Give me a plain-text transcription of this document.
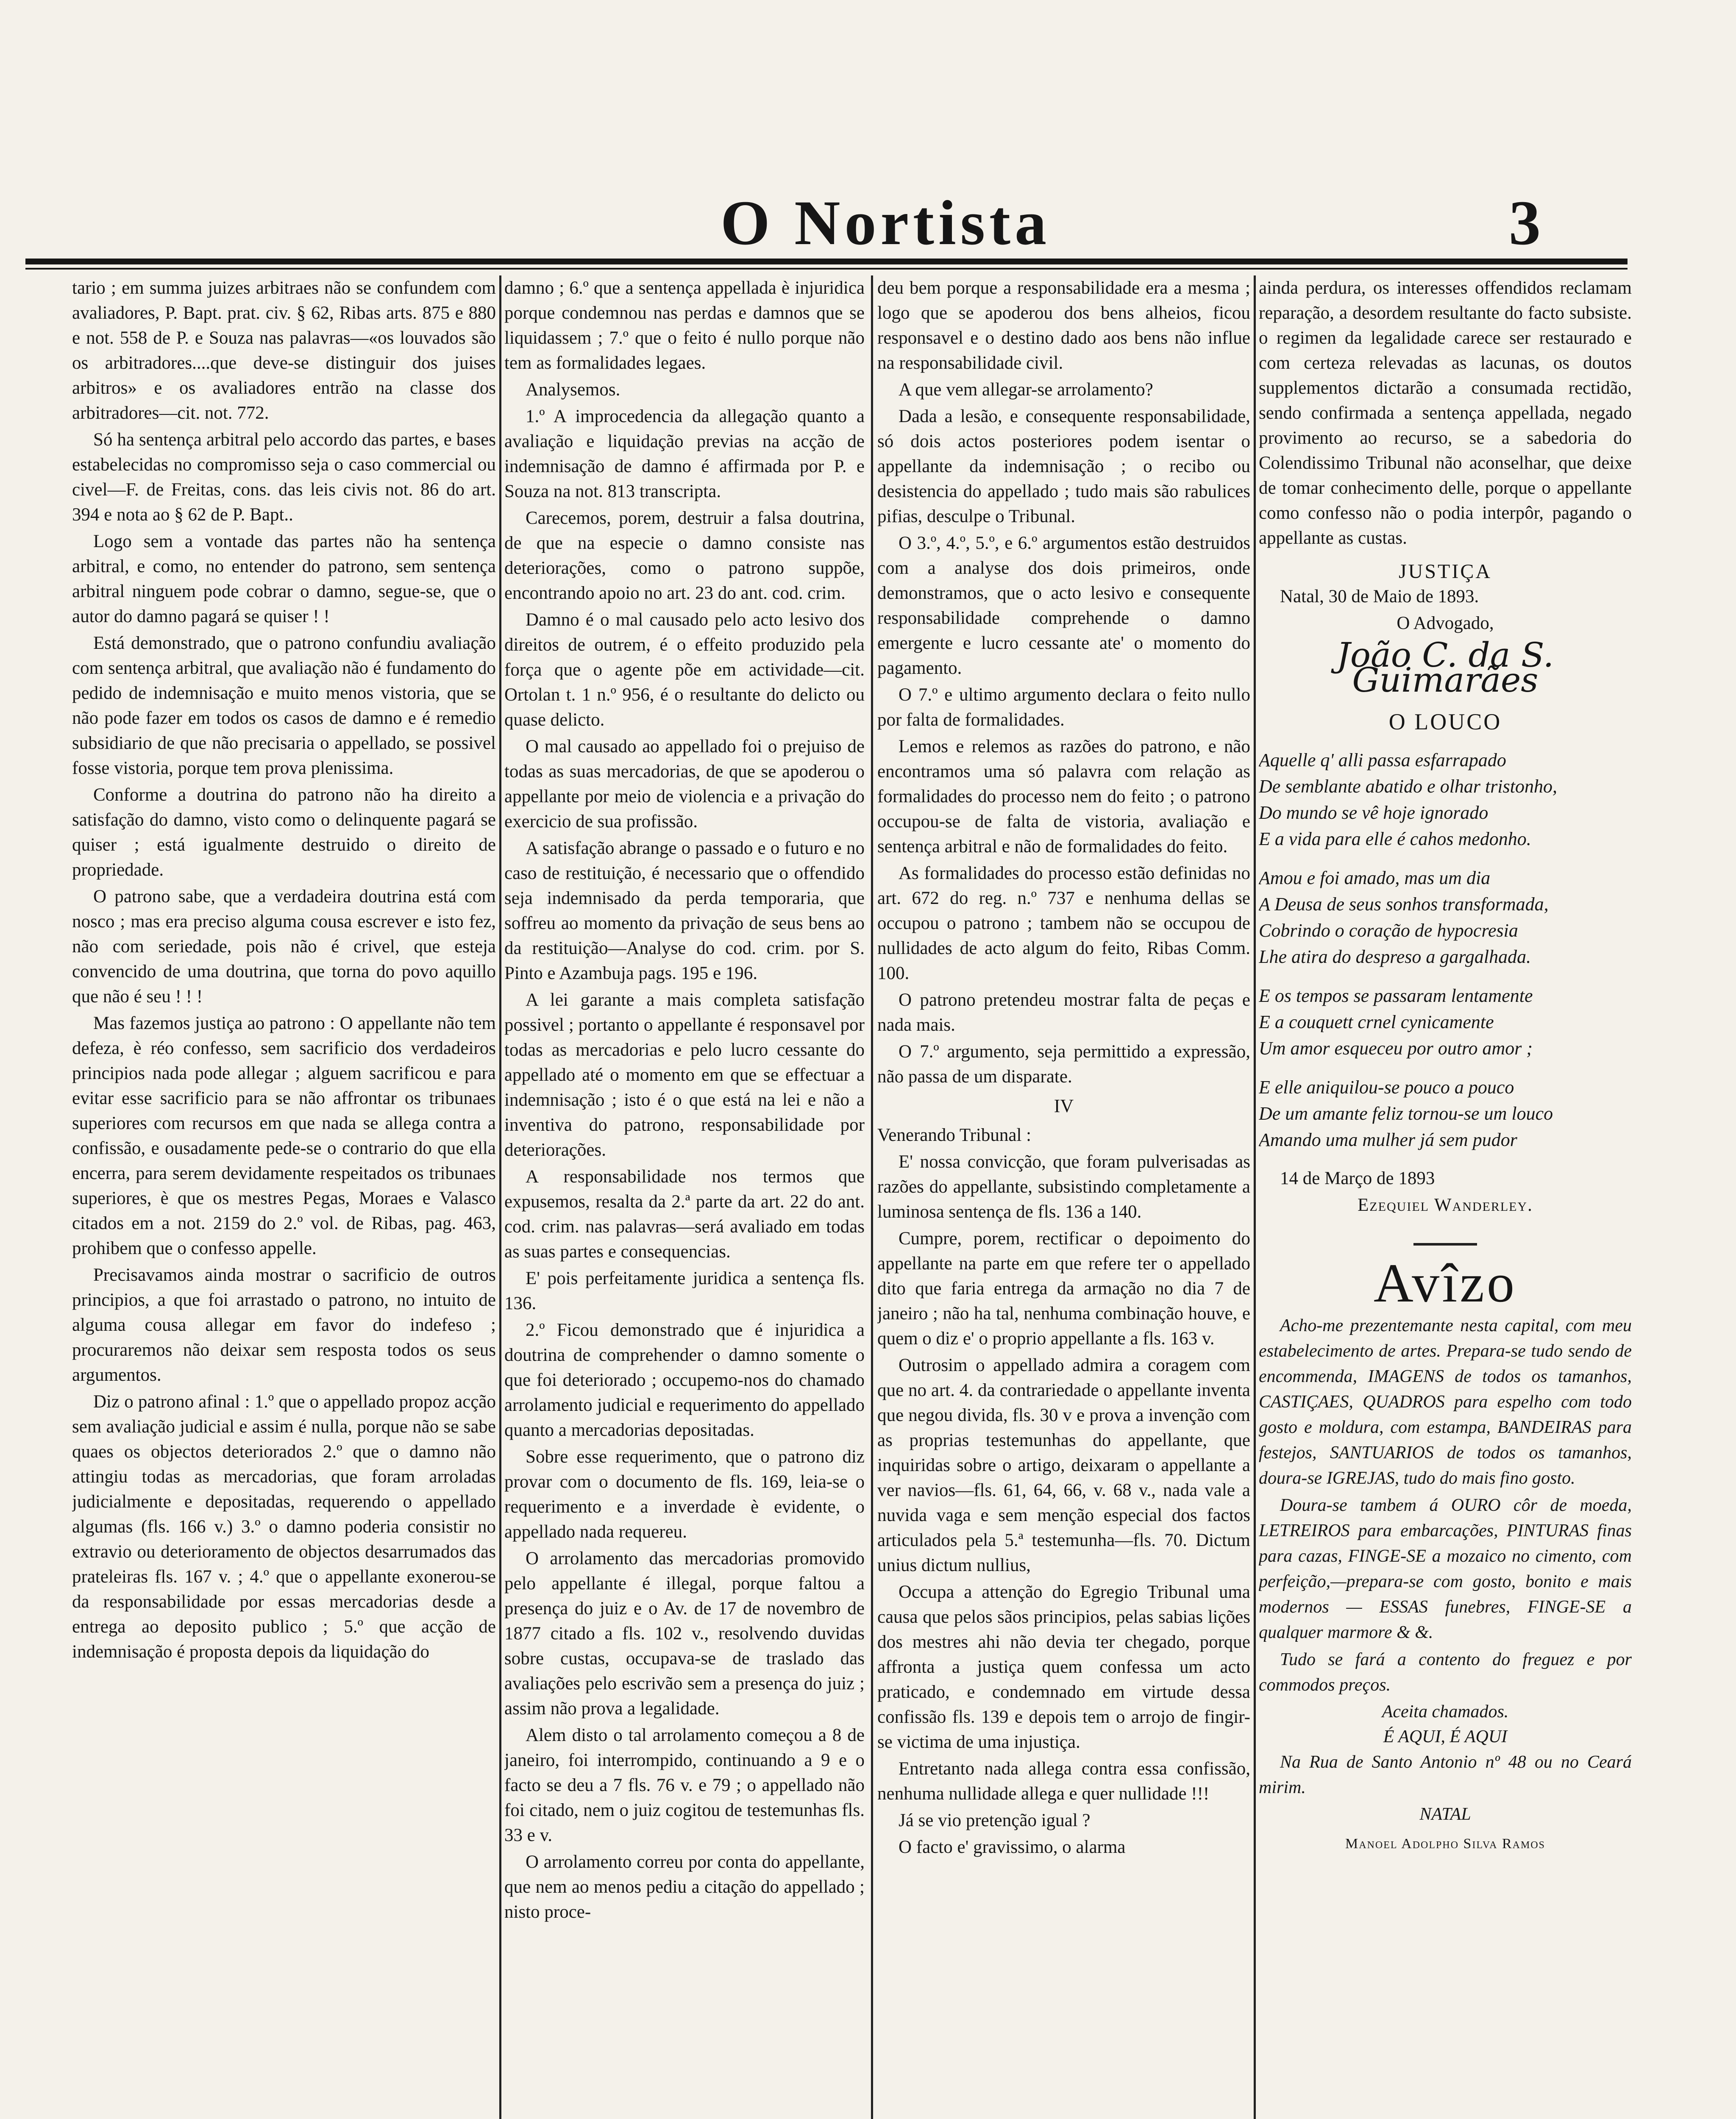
O Nortista	3

tario ; em summa juizes arbitraes não se confundem com avaliadores, P. Bapt. prat. civ. § 62, Ribas arts. 875 e 880 e not. 558 de P. e Souza nas palavras—«os louvados são os arbitradores....que deve-se distinguir dos juises arbitros» e os avaliadores entrão na classe dos arbitradores—cit. not. 772.

Só ha sentença arbitral pelo accordo das partes, e bases estabelecidas no compromisso seja o caso commercial ou civel—F. de Freitas, cons. das leis civis not. 86 do art. 394 e nota ao § 62 de P. Bapt..

Logo sem a vontade das partes não ha sentença arbitral, e como, no entender do patrono, sem sentença arbitral ninguem pode cobrar o damno, segue-se, que o autor do damno pagará se quiser ! !

Está demonstrado, que o patrono confundiu avaliação com sentença arbitral, que avaliação não é fundamento do pedido de indemnisação e muito menos vistoria, que se não pode fazer em todos os casos de damno e é remedio subsidiario de que não precisaria o appellado, se possivel fosse vistoria, porque tem prova plenissima.

Conforme a doutrina do patrono não ha direito a satisfação do damno, visto como o delinquente pagará se quiser ; está igualmente destruido o direito de propriedade.

O patrono sabe, que a verdadeira doutrina está com nosco ; mas era preciso alguma cousa escrever e isto fez, não com seriedade, pois não é crivel, que esteja convencido de uma doutrina, que torna do povo aquillo que não é seu ! ! !

Mas fazemos justiça ao patrono : O appellante não tem defeza, è réo confesso, sem sacrificio dos verdadeiros principios nada pode allegar ; alguem sacrificou e para evitar esse sacrificio para se não affrontar os tribunaes superiores com recursos em que nada se allega contra a confissão, e ousadamente pede-se o contrario do que ella encerra, para serem devidamente respeitados os tribunaes superiores, è que os mestres Pegas, Moraes e Valasco citados em a not. 2159 do 2.º vol. de Ribas, pag. 463, prohibem que o confesso appelle.

Precisavamos ainda mostrar o sacrificio de outros principios, a que foi arrastado o patrono, no intuito de alguma cousa allegar em favor do indefeso ; procuraremos não deixar sem resposta todos os seus argumentos.

Diz o patrono afinal : 1.º que o appellado propoz acção sem avaliação judicial e assim é nulla, porque não se sabe quaes os objectos deteriorados 2.º que o damno não attingiu todas as mercadorias, que foram arroladas judicialmente e depositadas, requerendo o appellado algumas (fls. 166 v.) 3.º o damno poderia consistir no extravio ou deterioramento de objectos desarrumados das prateleiras fls. 167 v. ; 4.º que o appellante exonerou-se da responsabilidade por essas mercadorias desde a entrega ao deposito publico ; 5.º que acção de indemnisação é proposta depois da liquidação do

damno ; 6.º que a sentença appellada è injuridica porque condemnou nas perdas e damnos que se liquidassem ; 7.º que o feito é nullo porque não tem as formalidades legaes.

Analysemos.

1.º A improcedencia da allegação quanto a avaliação e liquidação previas na acção de indemnisação de damno é affirmada por P. e Souza na not. 813 transcripta.

Carecemos, porem, destruir a falsa doutrina, de que na especie o damno consiste nas deteriorações, como o patrono suppõe, encontrando apoio no art. 23 do ant. cod. crim.

Damno é o mal causado pelo acto lesivo dos direitos de outrem, é o effeito produzido pela força que o agente põe em actividade—cit. Ortolan t. 1 n.º 956, é o resultante do delicto ou quase delicto.

O mal causado ao appellado foi o prejuiso de todas as suas mercadorias, de que se apoderou o appellante por meio de violencia e a privação do exercicio de sua profissão.

A satisfação abrange o passado e o futuro e no caso de restituição, é necessario que o offendido seja indemnisado da perda temporaria, que soffreu ao momento da privação de seus bens ao da restituição—Analyse do cod. crim. por S. Pinto e Azambuja pags. 195 e 196.

A lei garante a mais completa satisfação possivel ; portanto o appellante é responsavel por todas as mercadorias e pelo lucro cessante do appellado até o momento em que se effectuar a indemnisação ; isto é o que está na lei e não a inventiva do patrono, responsabilidade por deteriorações.

A responsabilidade nos termos que expusemos, resalta da 2.ª parte da art. 22 do ant. cod. crim. nas palavras—será avaliado em todas as suas partes e consequencias.

E' pois perfeitamente juridica a sentença fls. 136.

2.º Ficou demonstrado que é injuridica a doutrina de comprehender o damno somente o que foi deteriorado ; occupemo-nos do chamado arrolamento judicial e requerimento do appellado quanto a mercadorias depositadas.

Sobre esse requerimento, que o patrono diz provar com o documento de fls. 169, leia-se o requerimento e a inverdade è evidente, o appellado nada requereu.

O arrolamento das mercadorias promovido pelo appellante é illegal, porque faltou a presença do juiz e o Av. de 17 de novembro de 1877 citado a fls. 102 v., resolvendo duvidas sobre custas, occupava-se de traslado das avaliações pelo escrivão sem a presença do juiz ; assim não prova a legalidade.

Alem disto o tal arrolamento começou a 8 de janeiro, foi interrompido, continuando a 9 e o facto se deu a 7 fls. 76 v. e 79 ; o appellado não foi citado, nem o juiz cogitou de testemunhas fls. 33 e v.

O arrolamento correu por conta do appellante, que nem ao menos pediu a citação do appellado ; nisto proce-

deu bem porque a responsabilidade era a mesma ; logo que se apoderou dos bens alheios, ficou responsavel e o destino dado aos bens não influe na responsabilidade civil.

A que vem allegar-se arrolamento?

Dada a lesão, e consequente responsabilidade, só dois actos posteriores podem isentar o appellante da indemnisação ; o recibo ou desistencia do appellado ; tudo mais são rabulices pifias, desculpe o Tribunal.

O 3.º, 4.º, 5.º, e 6.º argumentos estão destruidos com a analyse dos dois primeiros, onde demonstramos, que o acto lesivo e consequente responsabilidade comprehende o damno emergente e lucro cessante ate' o momento do pagamento.

O 7.º e ultimo argumento declara o feito nullo por falta de formalidades.

Lemos e relemos as razões do patrono, e não encontramos uma só palavra com relação as formalidades do processo nem do feito ; o patrono occupou-se de falta de vistoria, avaliação e sentença arbitral e não de formalidades do feito.

As formalidades do processo estão definidas no art. 672 do reg. n.º 737 e nenhuma dellas se occupou o patrono ; tambem não se occupou de nullidades de acto algum do feito, Ribas Comm. 100.

O patrono pretendeu mostrar falta de peças e nada mais.

O 7.º argumento, seja permittido a expressão, não passa de um disparate.

IV

Venerando Tribunal :

E' nossa convicção, que foram pulverisadas as razões do appellante, subsistindo completamente a luminosa sentença de fls. 136 a 140.

Cumpre, porem, rectificar o depoimento do appellante na parte em que refere ter o appellado dito que faria entrega da armação no dia 7 de janeiro ; não ha tal, nenhuma combinação houve, e quem o diz e' o proprio appellante a fls. 163 v.

Outrosim o appellado admira a coragem com que no art. 4. da contrariedade o appellante inventa que negou divida, fls. 30 v e prova a invenção com as proprias testemunhas do appellante, que inquiridas sobre o artigo, deixaram o appellante a ver navios—fls. 61, 64, 66, v. 68 v., nada vale a nuvida vaga e sem menção especial dos factos articulados pela 5.ª testemunha—fls. 70. Dictum unius dictum nullius,

Occupa a attenção do Egregio Tribunal uma causa que pelos sãos principios, pelas sabias lições dos mestres ahi não devia ter chegado, porque affronta a justiça quem confessa um acto praticado, e condemnado em virtude dessa confissão fls. 139 e depois tem o arrojo de fingir-se victima de uma injustiça.

Entretanto nada allega contra essa confissão, nenhuma nullidade allega e quer nullidade !!!

Já se vio pretenção igual ?

O facto e' gravissimo, o alarma

ainda perdura, os interesses offendidos reclamam reparação, a desordem resultante do facto subsiste. o regimen da legalidade carece ser restaurado e com certeza relevadas as lacunas, os doutos supplementos dictarão a consumada rectidão, sendo confirmada a sentença appellada, negado provimento ao recurso, se a sabedoria do Colendissimo Tribunal não aconselhar, que deixe de tomar conhecimento delle, porque o appellante como confesso não o podia interpôr, pagando o appellante as custas.

JUSTIÇA

Natal, 30 de Maio de 1893.

O Advogado,

João C. da S. Guimarães
O LOUCO
Aquelle q' alli passa esfarrapado
De semblante abatido e olhar tristonho,
Do mundo se vê hoje ignorado
E a vida para elle é cahos medonho.
Amou e foi amado, mas um dia
A Deusa de seus sonhos transformada,
Cobrindo o coração de hypocresia
Lhe atira do despreso a gargalhada.
E os tempos se passaram lentamente
E a couquett crnel cynicamente
Um amor esqueceu por outro amor ;
E elle aniquilou-se pouco a pouco
De um amante feliz tornou-se um louco
Amando uma mulher já sem pudor

14 de Março de 1893

Ezequiel Wanderley.

Avîzo

Acho-me prezentemante nesta capital, com meu estabelecimento de artes. Prepara-se tudo sendo de encommenda, IMAGENS de todos os tamanhos, CASTIÇAES, QUADROS para espelho com todo gosto e moldura, com estampa, BANDEIRAS para festejos, SANTUARIOS de todos os tamanhos, doura-se IGREJAS, tudo do mais fino gosto.

Doura-se tambem á OURO côr de moeda, LETREIROS para embarcações, PINTURAS finas para cazas, FINGE-SE a mozaico no cimento, com perfeição,—prepara-se com gosto, bonito e mais modernos — ESSAS funebres, FINGE-SE a qualquer marmore & &.

Tudo se fará a contento do freguez e por commodos preços.

Aceita chamados.
É AQUI, É AQUI

Na Rua de Santo Antonio nº 48 ou no Ceará mirim.

NATAL
Manoel Adolpho Silva Ramos
